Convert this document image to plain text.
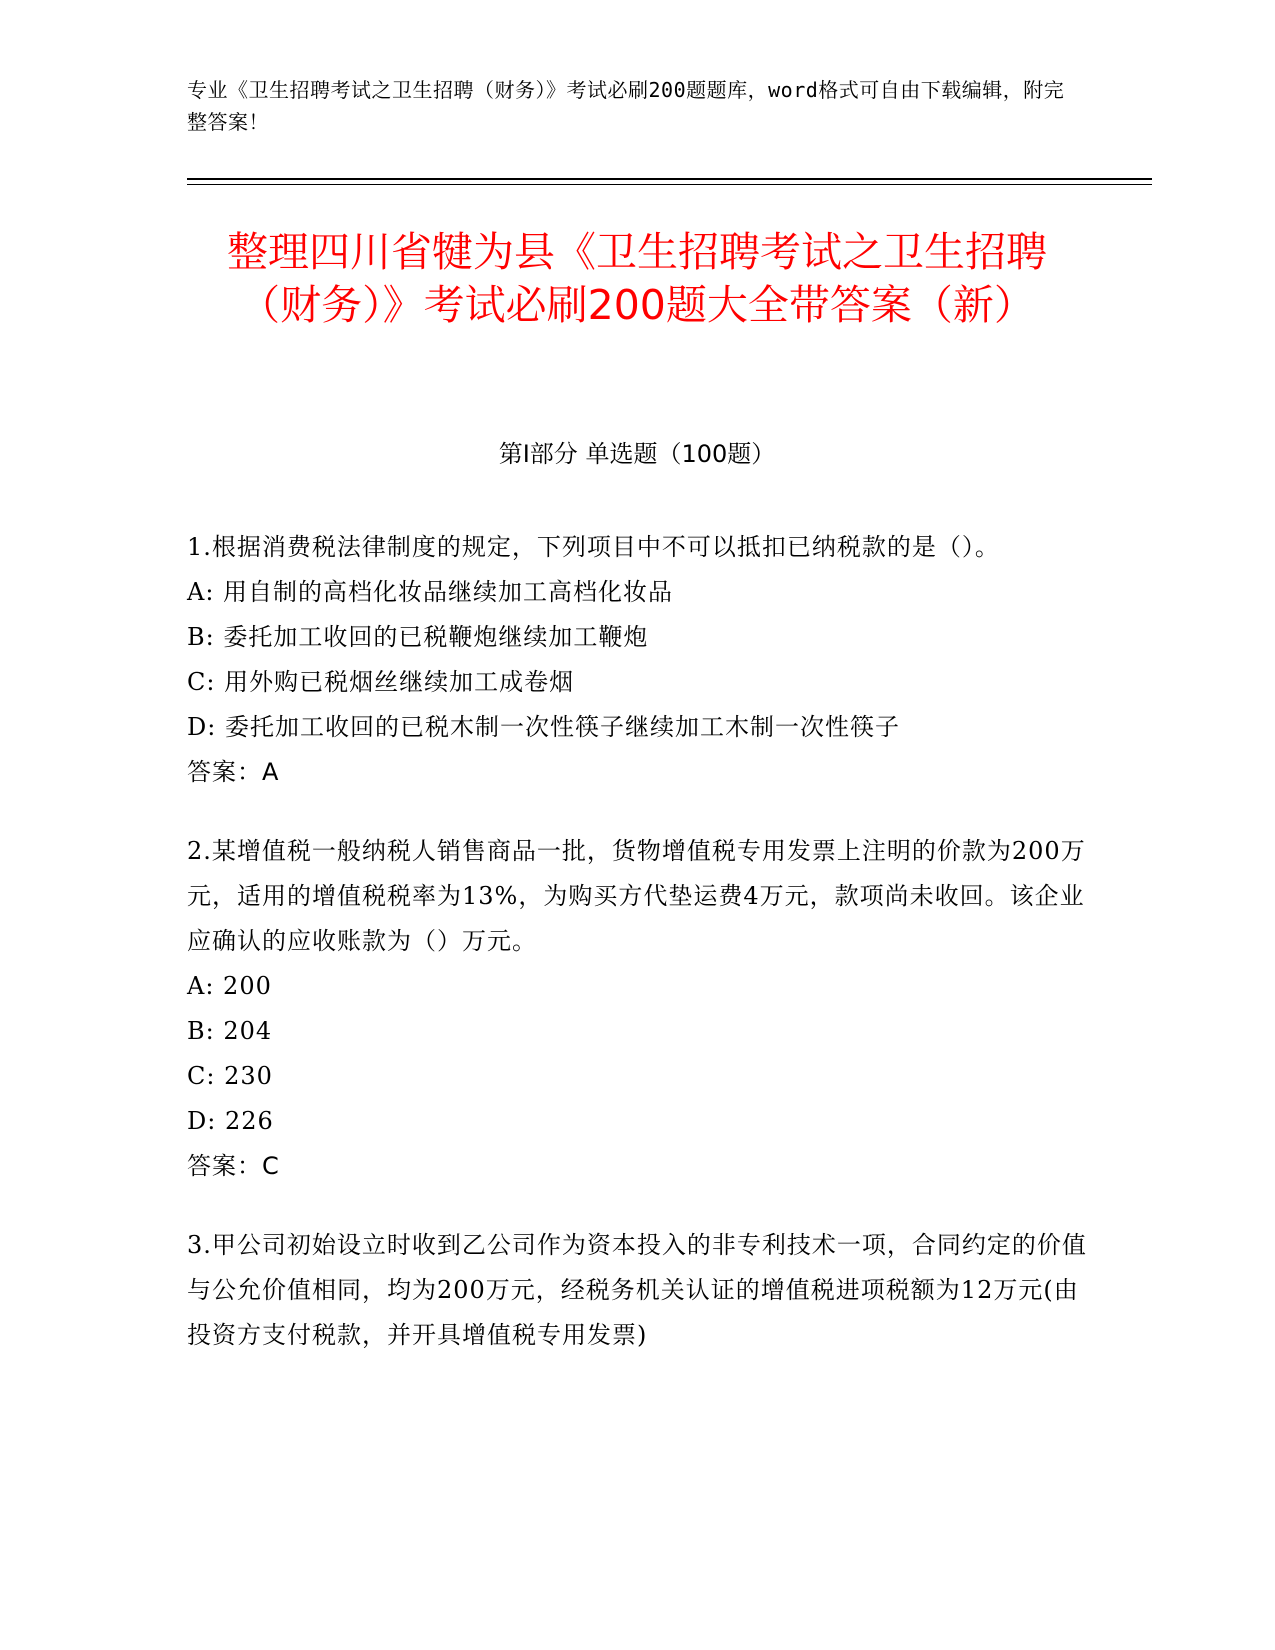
专业《卫生招聘考试之卫生招聘（财务）》考试必刷200题题库，word格式可自由下载编辑，附完整答案！
整理四川省犍为县《卫生招聘考试之卫生招聘（财务）》考试必刷200题大全带答案（新）
第I部分 单选题（100题）
1.根据消费税法律制度的规定，下列项目中不可以抵扣已纳税款的是（）。
A: 用自制的高档化妆品继续加工高档化妆品
B: 委托加工收回的已税鞭炮继续加工鞭炮
C: 用外购已税烟丝继续加工成卷烟
D: 委托加工收回的已税木制一次性筷子继续加工木制一次性筷子
答案：A
2.某增值税一般纳税人销售商品一批，货物增值税专用发票上注明的价款为200万元，适用的增值税税率为13%，为购买方代垫运费4万元，款项尚未收回。该企业应确认的应收账款为（）万元。
A: 200
B: 204
C: 230
D: 226
答案：C
3.甲公司初始设立时收到乙公司作为资本投入的非专利技术一项，合同约定的价值与公允价值相同，均为200万元，经税务机关认证的增值税进项税额为12万元(由投资方支付税款，并开具增值税专用发票)
